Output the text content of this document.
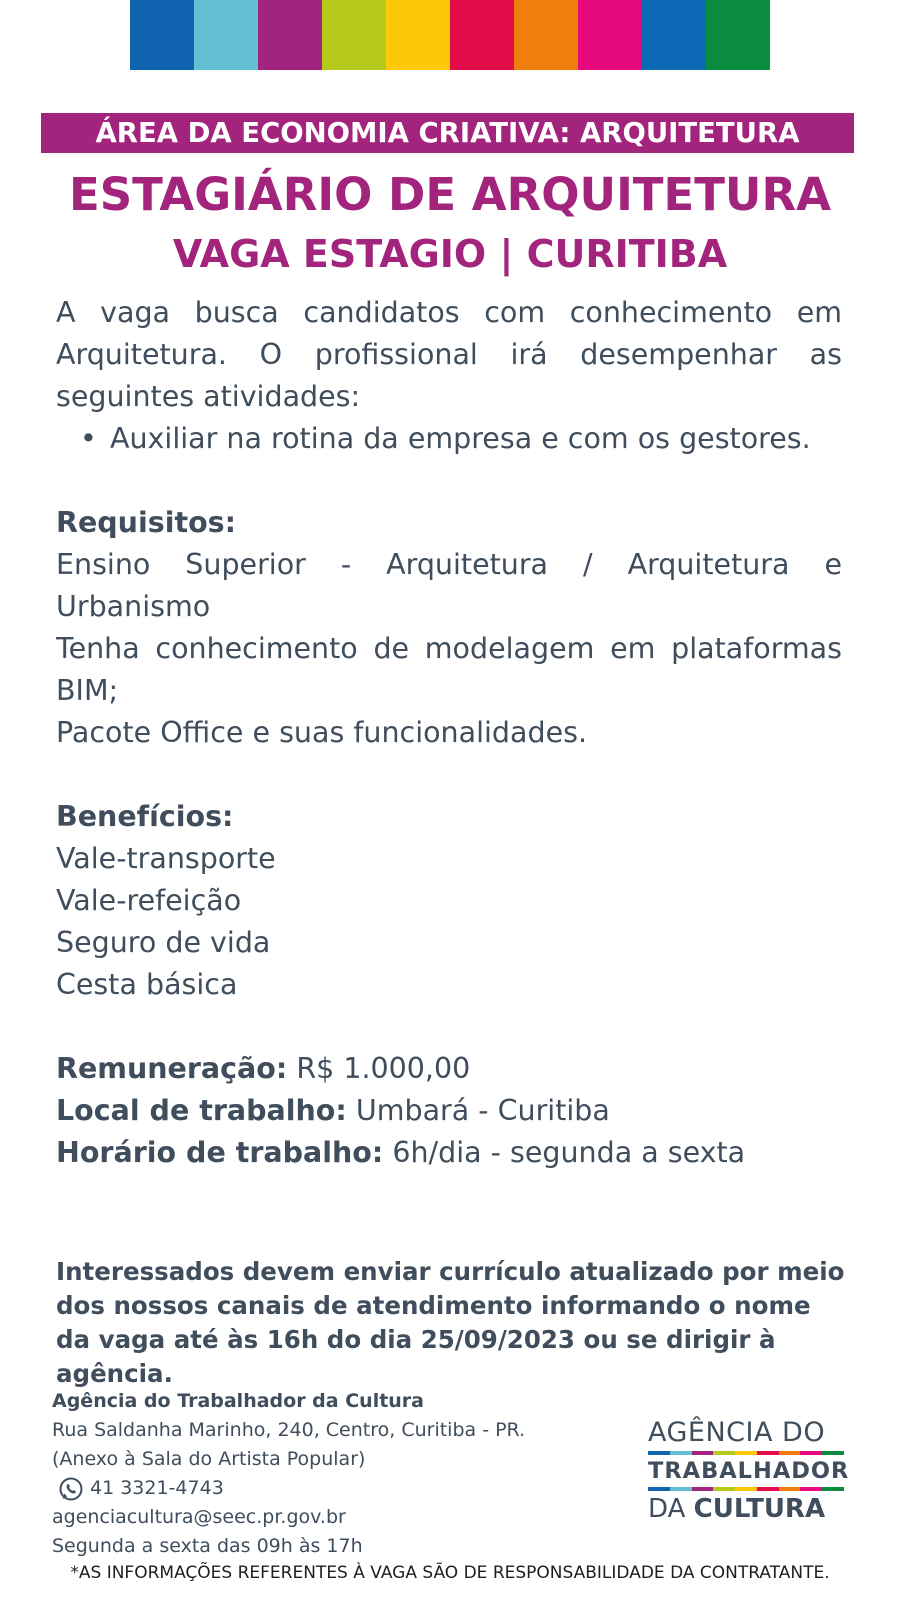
ÁREA DA ECONOMIA CRIATIVA: ARQUITETURA
ESTAGIÁRIO DE ARQUITETURA
VAGA ESTAGIO | CURITIBA

A vaga busca candidatos com conhecimento em Arquitetura. O profissional irá desempenhar as seguintes atividades:

• Auxiliar na rotina da empresa e com os gestores.

Requisitos:

Ensino Superior - Arquitetura / Arquitetura e Urbanismo

Tenha conhecimento de modelagem em plataformas BIM;

Pacote Office e suas funcionalidades.

Benefícios:

Vale-transporte

Vale-refeição

Seguro de vida

Cesta básica

Remuneração: R$ 1.000,00

Local de trabalho: Umbará - Curitiba

Horário de trabalho: 6h/dia - segunda a sexta

Interessados devem enviar currículo atualizado por meio dos nossos canais de atendimento informando o nome da vaga até às 16h do dia 25/09/2023 ou se dirigir à agência.
Agência do Trabalhador da Cultura
Rua Saldanha Marinho, 240, Centro, Curitiba - PR.
(Anexo à Sala do Artista Popular)
41 3321-4743
agenciacultura@seec.pr.gov.br
Segunda a sexta das 09h às 17h
AGÊNCIA DO
TRABALHADOR
DA CULTURA
*AS INFORMAÇÕES REFERENTES À VAGA SÃO DE RESPONSABILIDADE DA CONTRATANTE.
